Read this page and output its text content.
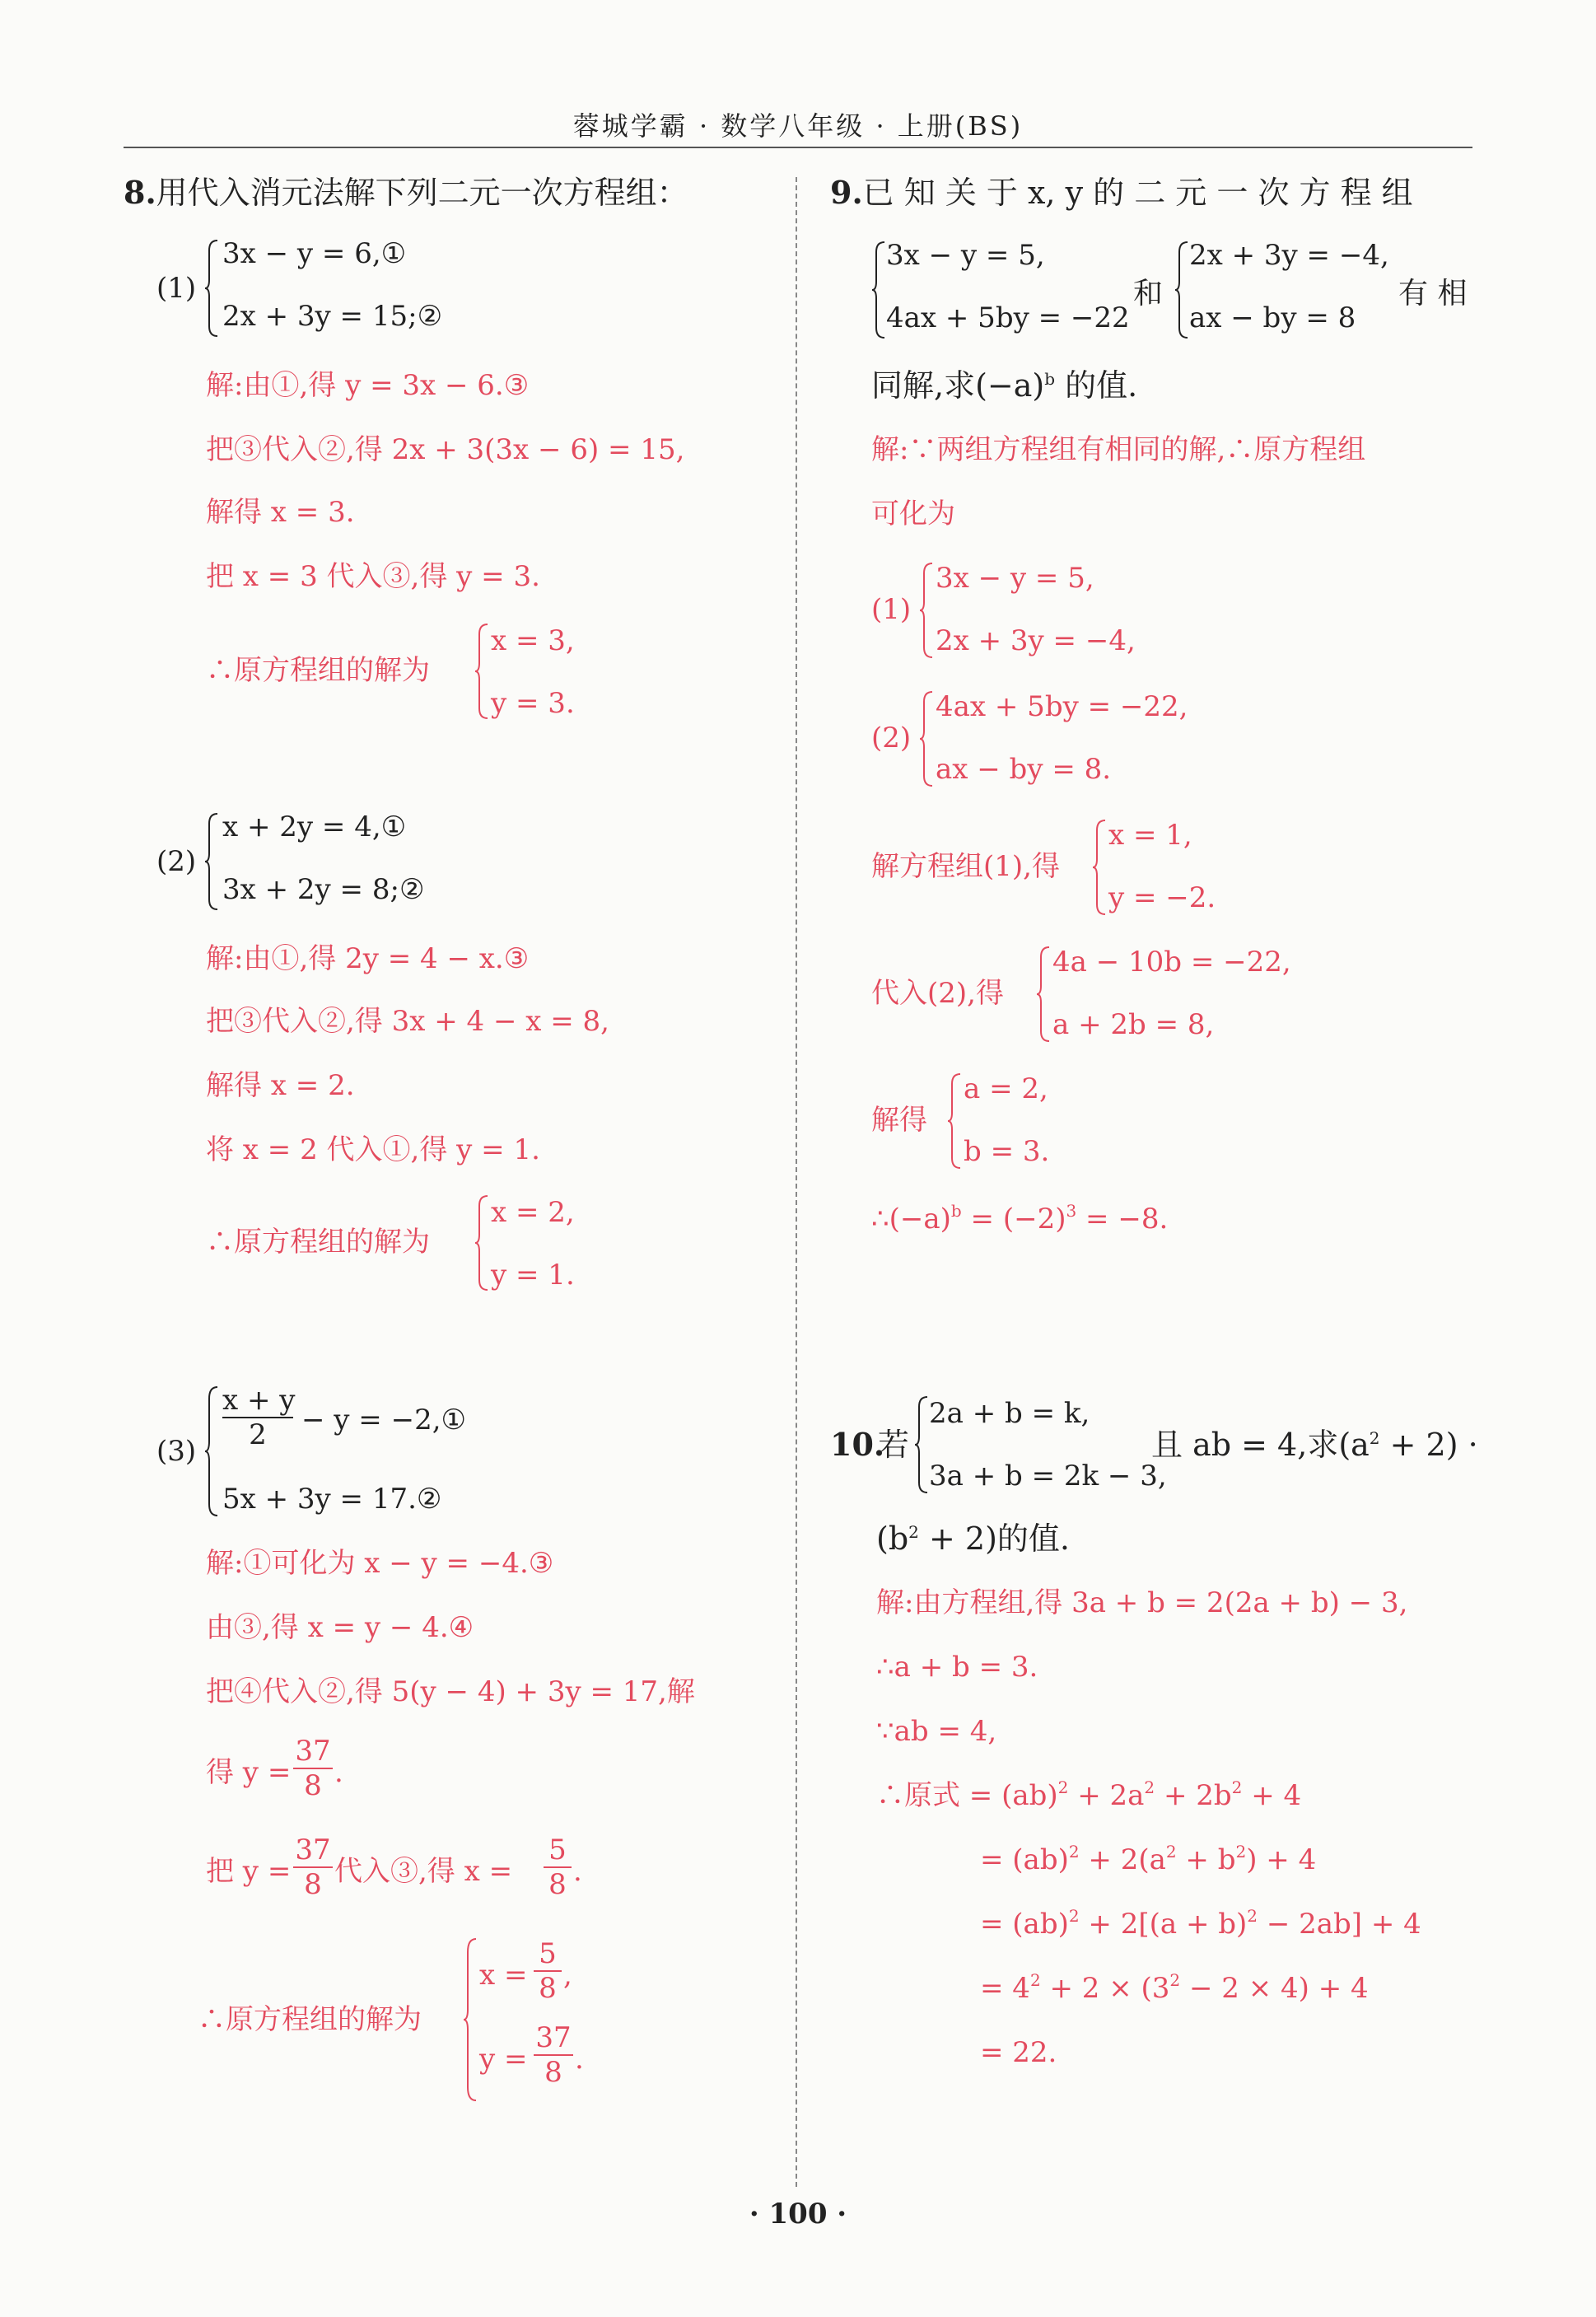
蓉城学霸 · 数学八年级 · 上册(BS)
8.用代入消元法解下列二元一次方程组：
(1)
3x − y = 6,①
2x + 3y = 15;②
解:由①,得 y = 3x − 6.③
把③代入②,得 2x + 3(3x − 6) = 15,
解得 x = 3.
把 x = 3 代入③,得 y = 3.
∴原方程组的解为
x = 3,
y = 3.
(2)
x + 2y = 4,①
3x + 2y = 8;②
解:由①,得 2y = 4 − x.③
把③代入②,得 3x + 4 − x = 8,
解得 x = 2.
将 x = 2 代入①,得 y = 1.
∴原方程组的解为
x = 2,
y = 1.
(3)
x + y
2	− y = −2,①
5x + 3y = 17.②
解:①可化为 x − y = −4.③
由③,得 x = y − 4.④
把④代入②,得 5(y − 4) + 3y = 17,解
得 y =
37
8 .
把 y =
37
8 代入③,得 x =
5
8 .
∴原方程组的解为
x =
5
8 ,
y =
37
8 .
9.已 知 关 于 x, y 的 二 元 一 次 方 程 组
3x − y = 5,
4ax + 5by = −22
和
2x + 3y = −4,
ax − by = 8
有 相
同解,求$(-a)^b$ 的值.
解:∵两组方程组有相同的解,∴原方程组
可化为
(1)
3x − y = 5,
2x + 3y = −4,
(2)
4ax + 5by = −22,
ax − by = 8.
解方程组(1),得
x = 1,
y = −2.
代入(2),得
4a − 10b = −22,
a + 2b = 8,
解得
a = 2,
b = 3.
$\therefore(-a)^b = (-2)^3 = -8$.
10.
若
2a + b = k,
3a + b = 2k − 3,
且 ab = 4,求$(a^2 + 2)$ ·
$(b^2 + 2)$的值.
解:由方程组,得 3a + b = 2(2a + b) − 3,
∴a + b = 3.
∵ab = 4,
∴原式 = $(ab)^2 + 2a^2 + 2b^2 + 4$
= $(ab)^2 + 2(a^2 + b^2) + 4$
= $(ab)^2 + 2[(a + b)^2 - 2ab] + 4$
= $4^2 + 2 \times (3^2 - 2 \times 4) + 4$
= 22.
· 100 ·
